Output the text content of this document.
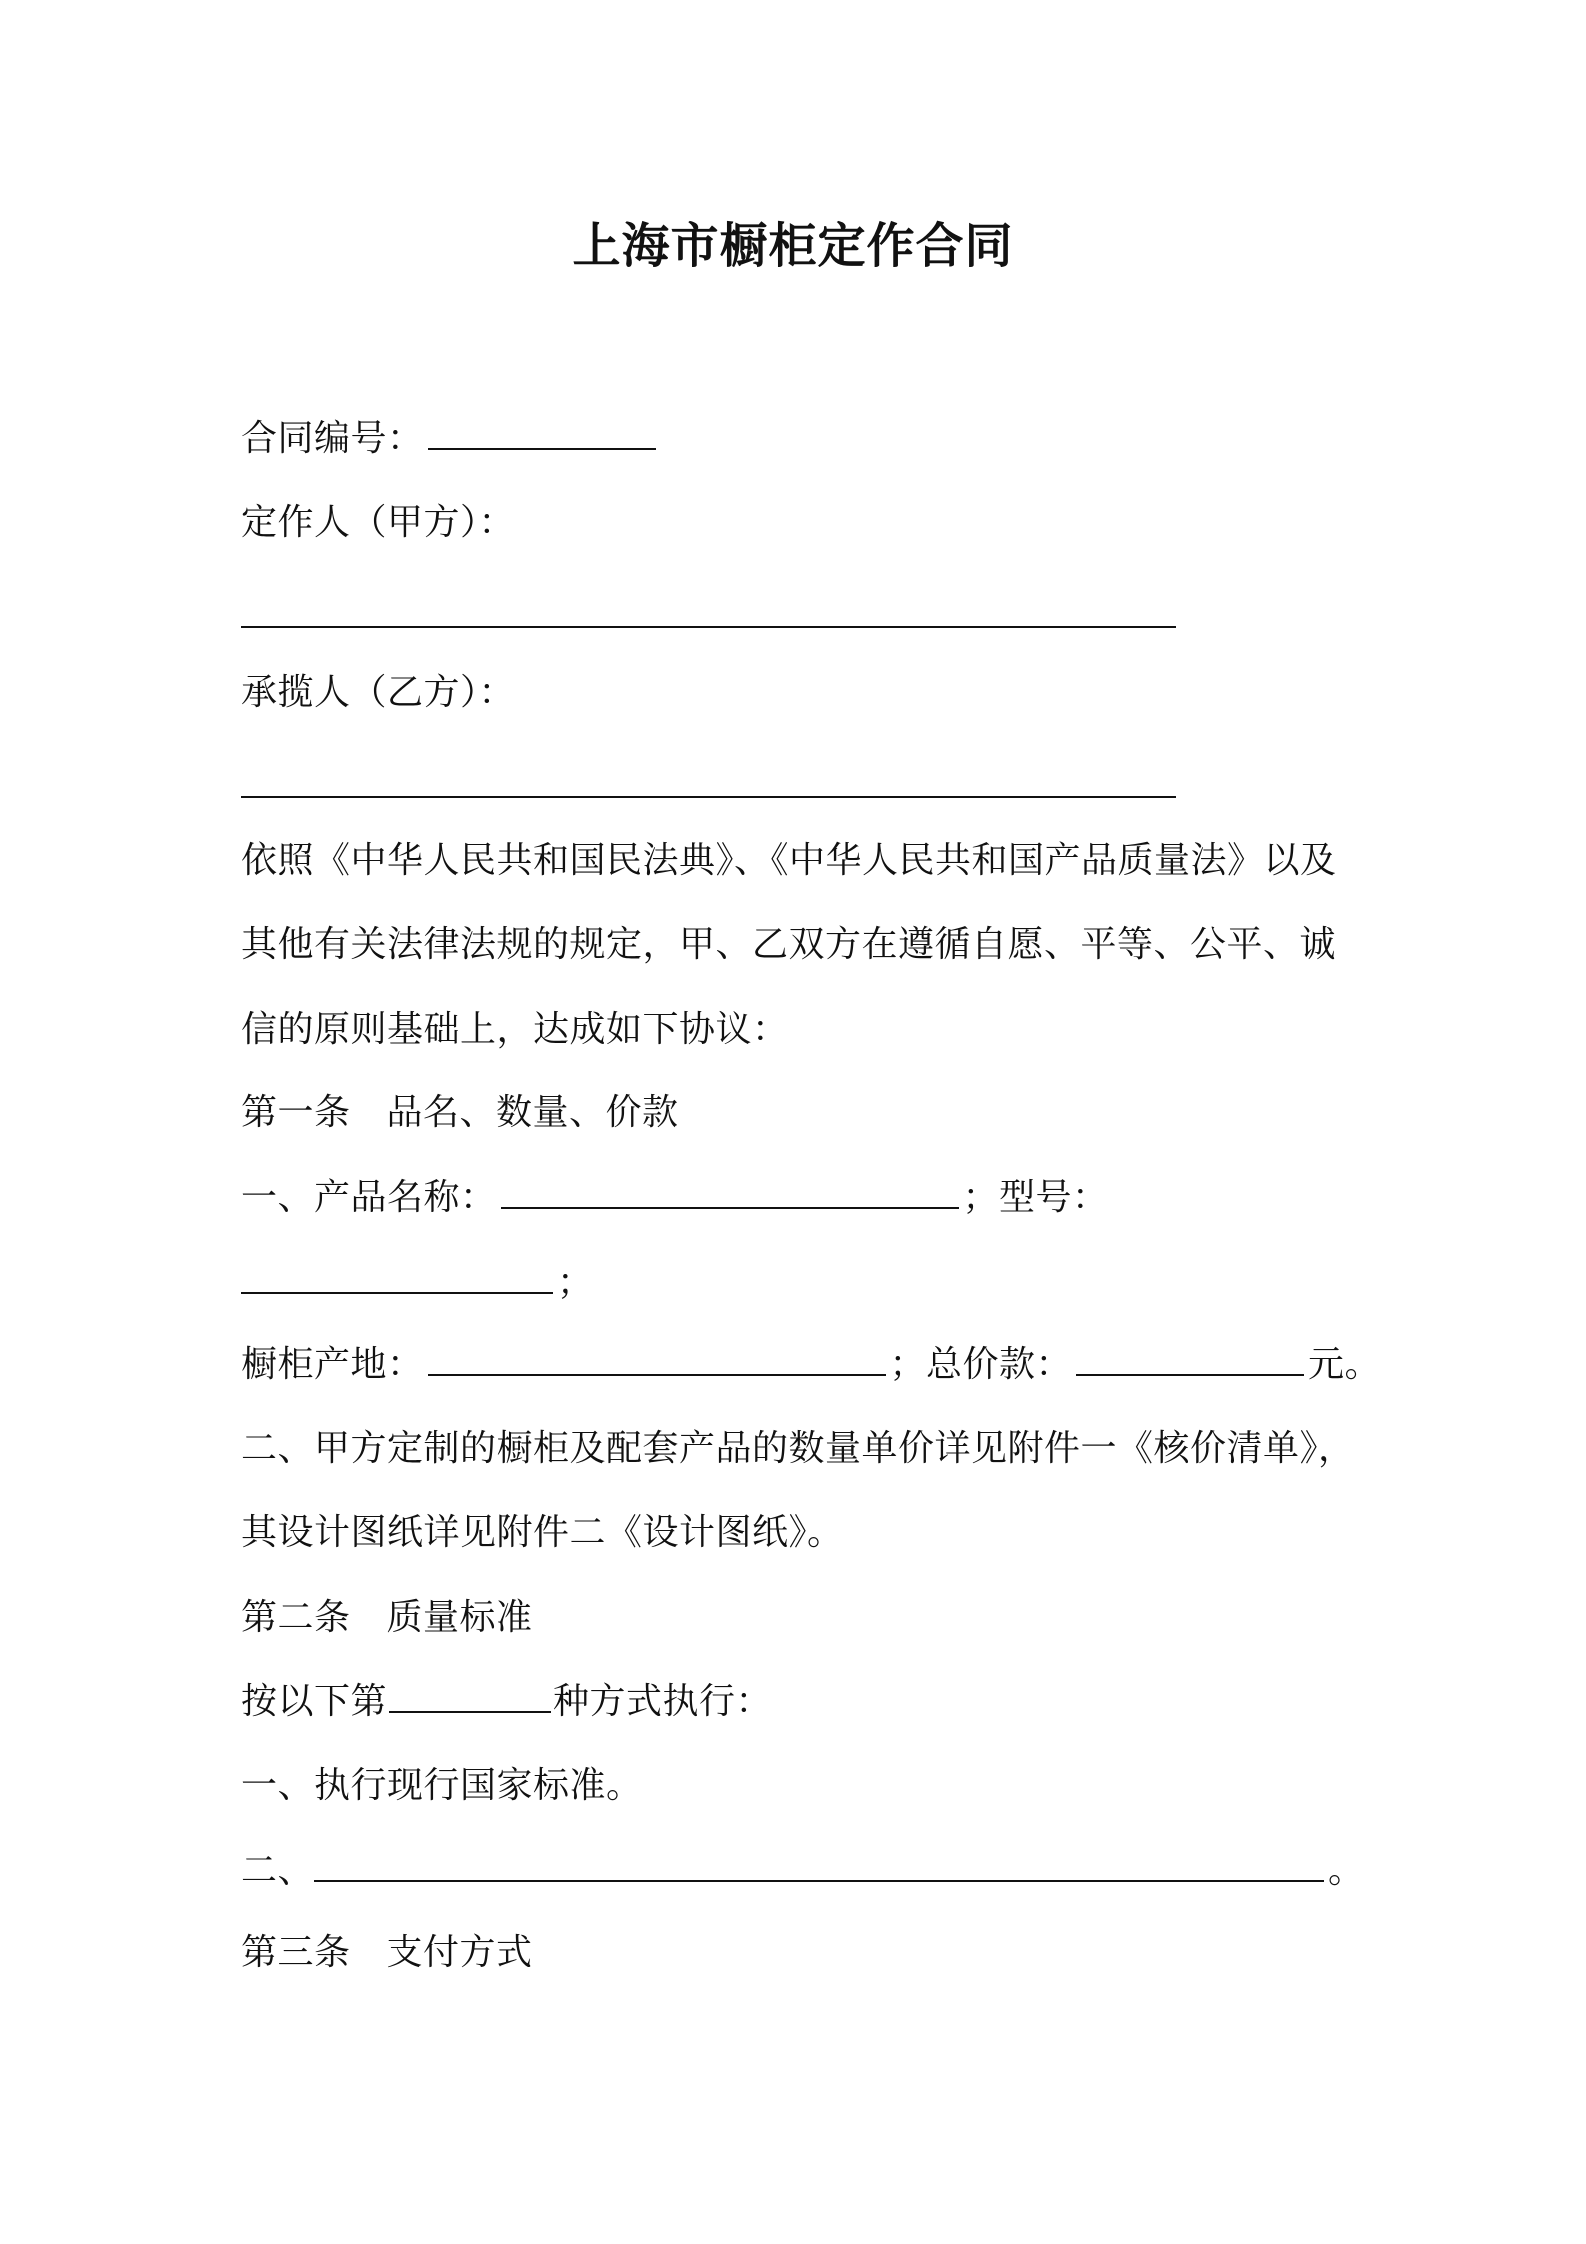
上海市橱柜定作合同
合同编号：
定作人（甲方）：
承揽人（乙方）：
依照《中华人民共和国民法典》、《中华人民共和国产品质量法》以及
其他有关法律法规的规定，甲、乙双方在遵循自愿、平等、公平、诚
信的原则基础上，达成如下协议：
第一条 品名、数量、价款
一、产品名称：	；型号：
；
橱柜产地：	；总价款：	元。
二、甲方定制的橱柜及配套产品的数量单价详见附件一《核价清单》，
其设计图纸详见附件二《设计图纸》。
第二条 质量标准
按以下第	种方式执行：
一、执行现行国家标准。
二、	。
第三条 支付方式
